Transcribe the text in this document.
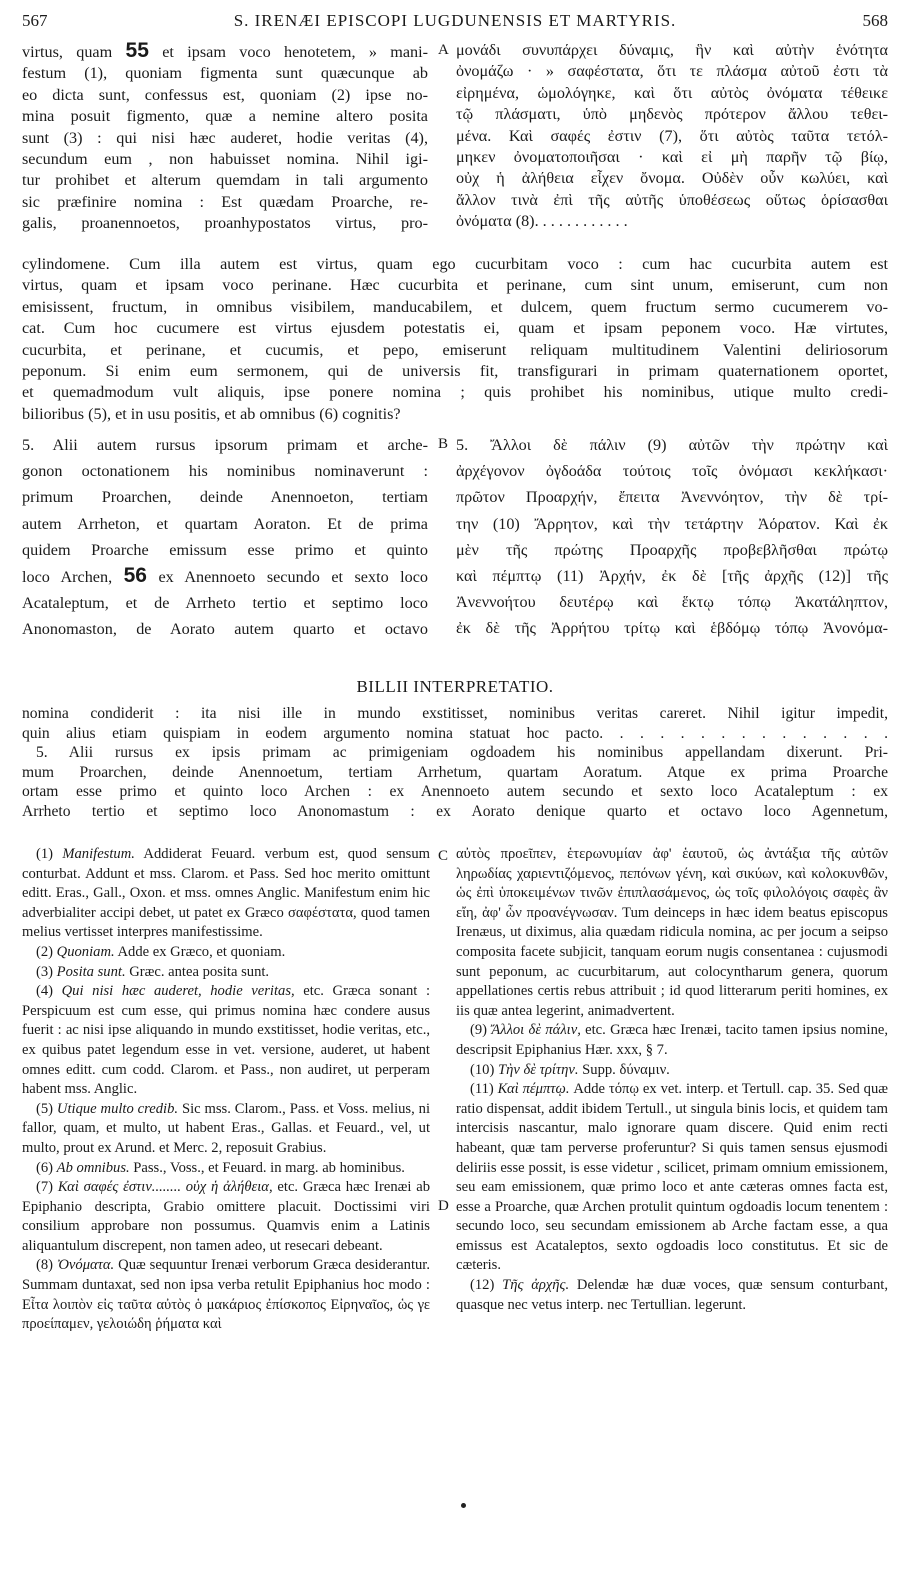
567	S. IRENÆI EPISCOPI LUGDUNENSIS ET MARTYRIS.	568
virtus, quam 55 et ipsam voco henotetem, » mani-
festum (1), quoniam figmenta sunt quæcunque ab
eo dicta sunt, confessus est, quoniam (2) ipse no-
mina posuit figmento, quæ a nemine altero posita
sunt (3) : qui nisi hæc auderet, hodie veritas (4),
secundum eum , non habuisset nomina. Nihil igi-
tur prohibet et alterum quemdam in tali argumento
sic præfinire nomina : Est quædam Proarche, re-
galis, proanennoetos, proanhypostatos virtus, pro-
A μονάδι συνυπάρχει δύναμις, ἣν καὶ αὐτὴν ἑνότητα
ὀνομάζω · » σαφέστατα, ὅτι τε πλάσμα αὐτοῦ ἐστι τὰ
εἰρημένα, ὡμολόγηκε, καὶ ὅτι αὐτὸς ὀνόματα τέθεικε
τῷ πλάσματι, ὑπὸ μηδενὸς πρότερον ἄλλου τεθει-
μένα. Καὶ σαφές ἐστιν (7), ὅτι αὐτὸς ταῦτα τετόλ-
μηκεν ὀνοματοποιῆσαι · καὶ εἰ μὴ παρῆν τῷ βίῳ,
οὐχ ἡ ἀλήθεια εἶχεν ὄνομα. Οὐδὲν οὖν κωλύει, καὶ
ἄλλον τινὰ ἐπὶ τῆς αὐτῆς ὑποθέσεως οὕτως ὁρίσασθαι
ὀνόματα (8). . . . . . . . . . . .
cylindomene. Cum illa autem est virtus, quam ego cucurbitam voco : cum hac cucurbita autem est
virtus, quam et ipsam voco perinane. Hæc cucurbita et perinane, cum sint unum, emiserunt, cum non
emisissent, fructum, in omnibus visibilem, manducabilem, et dulcem, quem fructum sermo cucumerem vo-
cat. Cum hoc cucumere est virtus ejusdem potestatis ei, quam et ipsam peponem voco. Hæ virtutes,
cucurbita, et perinane, et cucumis, et pepo, emiserunt reliquam multitudinem Valentini deliriosorum
peponum. Si enim eum sermonem, qui de universis fit, transfigurari in primam quaternationem oportet,
et quemadmodum vult aliquis, ipse ponere nomina ; quis prohibet his nominibus, utique multo credi-
bilioribus (5), et in usu positis, et ab omnibus (6) cognitis?
5. Alii autem rursus ipsorum primam et arche-
gonon octonationem his nominibus nominaverunt :
primum Proarchen, deinde Anennoeton, tertiam
autem Arrheton, et quartam Aoraton. Et de prima
quidem Proarche emissum esse primo et quinto
loco Archen, 56 ex Anennoeto secundo et sexto loco
Acataleptum, et de Arrheto tertio et septimo loco
Anonomaston, de Aorato autem quarto et octavo
B 5. Ἄλλοι δὲ πάλιν (9) αὐτῶν τὴν πρώτην καὶ
ἀρχέγονον ὀγδοάδα τούτοις τοῖς ὀνόμασι κεκλήκασι·
πρῶτον Προαρχήν, ἔπειτα Ἀνεννόητον, τὴν δὲ τρί-
την (10) Ἄρρητον, καὶ τὴν τετάρτην Ἀόρατον. Καὶ ἐκ
μὲν τῆς πρώτης Προαρχῆς προβεβλῆσθαι πρώτῳ
καὶ πέμπτῳ (11) Ἀρχήν, ἐκ δὲ [τῆς ἀρχῆς (12)] τῆς
Ἀνεννοήτου δευτέρῳ καὶ ἕκτῳ τόπῳ Ἀκατάληπτον,
ἐκ δὲ τῆς Ἀρρήτου τρίτῳ καὶ ἑβδόμῳ τόπῳ Ἀνονόμα-
BILLII INTERPRETATIO.
nomina condiderit : ita nisi ille in mundo exstitisset, nominibus veritas careret. Nihil igitur impedit,
quin alius etiam quispiam in eodem argumento nomina statuat hoc pacto. . . . . . . . . . . . . . .
5. Alii rursus ex ipsis primam ac primigeniam ogdoadem his nominibus appellandam dixerunt. Pri-
mum Proarchen, deinde Anennoetum, tertiam Arrhetum, quartam Aoratum. Atque ex prima Proarche
ortam esse primo et quinto loco Archen : ex Anennoeto autem secundo et sexto loco Acataleptum : ex
Arrheto tertio et septimo loco Anonomastum : ex Aorato denique quarto et octavo loco Agennetum,
C
D

(1) Manifestum. Addiderat Feuard. verbum est, quod sensum conturbat. Addunt et mss. Clarom. et Pass. Sed hoc merito omittunt editt. Eras., Gall., Oxon. et mss. omnes Anglic. Manifestum enim hic adverbialiter accipi debet, ut patet ex Græco σαφέστατα, quod tamen melius vertisset interpres manifestissime.

(2) Quoniam. Adde ex Græco, et quoniam.

(3) Posita sunt. Græc. antea posita sunt.

(4) Qui nisi hæc auderet, hodie veritas, etc. Græca sonant : Perspicuum est cum esse, qui primus nomina hæc condere ausus fuerit : ac nisi ipse aliquando in mundo exstitisset, hodie veritas, etc., ex quibus patet legendum esse in vet. versione, auderet, ut habent omnes editt. cum codd. Clarom. et Pass., non audiret, ut perperam habent mss. Anglic.

(5) Utique multo credib. Sic mss. Clarom., Pass. et Voss. melius, ni fallor, quam, et multo, ut habent Eras., Gallas. et Feuard., vel, ut multo, prout ex Arund. et Merc. 2, reposuit Grabius.

(6) Ab omnibus. Pass., Voss., et Feuard. in marg. ab hominibus.

(7) Καὶ σαφές ἐστιν........ οὐχ ἡ ἀλήθεια, etc. Græca hæc Irenæi ab Epiphanio descripta, Grabio omittere placuit. Doctissimi viri consilium approbare non possumus. Quamvis enim a Latinis aliquantulum discrepent, non tamen adeo, ut resecari debeant.

(8) Ὀνόματα. Quæ sequuntur Irenæi verborum Græca desiderantur. Summam duntaxat, sed non ipsa verba retulit Epiphanius hoc modo : Εἶτα λοιπὸν εἰς ταῦτα αὐτὸς ὁ μακάριος ἐπίσκοπος Εἰρηναῖος, ὡς γε προείπαμεν, γελοιώδη ῥήματα καὶ

αὐτὸς προεῖπεν, ἑτερωνυμίαν ἀφ' ἑαυτοῦ, ὡς ἀντάξια τῆς αὐτῶν ληρωδίας χαριεντιζόμενος, πεπόνων γένη, καὶ σικύων, καὶ κολοκυνθῶν, ὡς ἐπὶ ὑποκειμένων τινῶν ἐπιπλασάμενος, ὡς τοῖς φιλολόγοις σαφὲς ἂν εἴη, ἀφ' ὧν προανέγνωσαν. Tum deinceps in hæc idem beatus episcopus Irenæus, ut diximus, alia quædam ridicula nomina, ac per jocum a seipso composita facete subjicit, tanquam eorum nugis consentanea : cujusmodi sunt peponum, ac cucurbitarum, aut colocyntharum genera, quorum appellationes certis rebus attribuit ; id quod litterarum periti homines, ex iis quæ antea legerint, animadvertent.

(9) Ἄλλοι δὲ πάλιν, etc. Græca hæc Irenæi, tacito tamen ipsius nomine, descripsit Epiphanius Hær. xxx, § 7.

(10) Τὴν δὲ τρίτην. Supp. δύναμιν.

(11) Καὶ πέμπτῳ. Adde τόπῳ ex vet. interp. et Tertull. cap. 35. Sed quæ ratio dispensat, addit ibidem Tertull., ut singula binis locis, et quidem tam intercisis nascantur, malo ignorare quam discere. Quid enim recti habeant, quæ tam perverse proferuntur? Si quis tamen sensus ejusmodi deliriis esse possit, is esse videtur , scilicet, primam omnium emissionem, seu eam emissionem, quæ primo loco et ante cæteras omnes facta est, esse a Proarche, quæ Archen protulit quintum ogdoadis locum tenentem : secundo loco, seu secundam emissionem ab Arche factam esse, a qua emissus est Acataleptos, sexto ogdoadis loco constitutus. Et sic de cæteris.

(12) Τῆς ἀρχῆς. Delendæ hæ duæ voces, quæ sensum conturbant, quasque nec vetus interp. nec Tertullian. legerunt.
